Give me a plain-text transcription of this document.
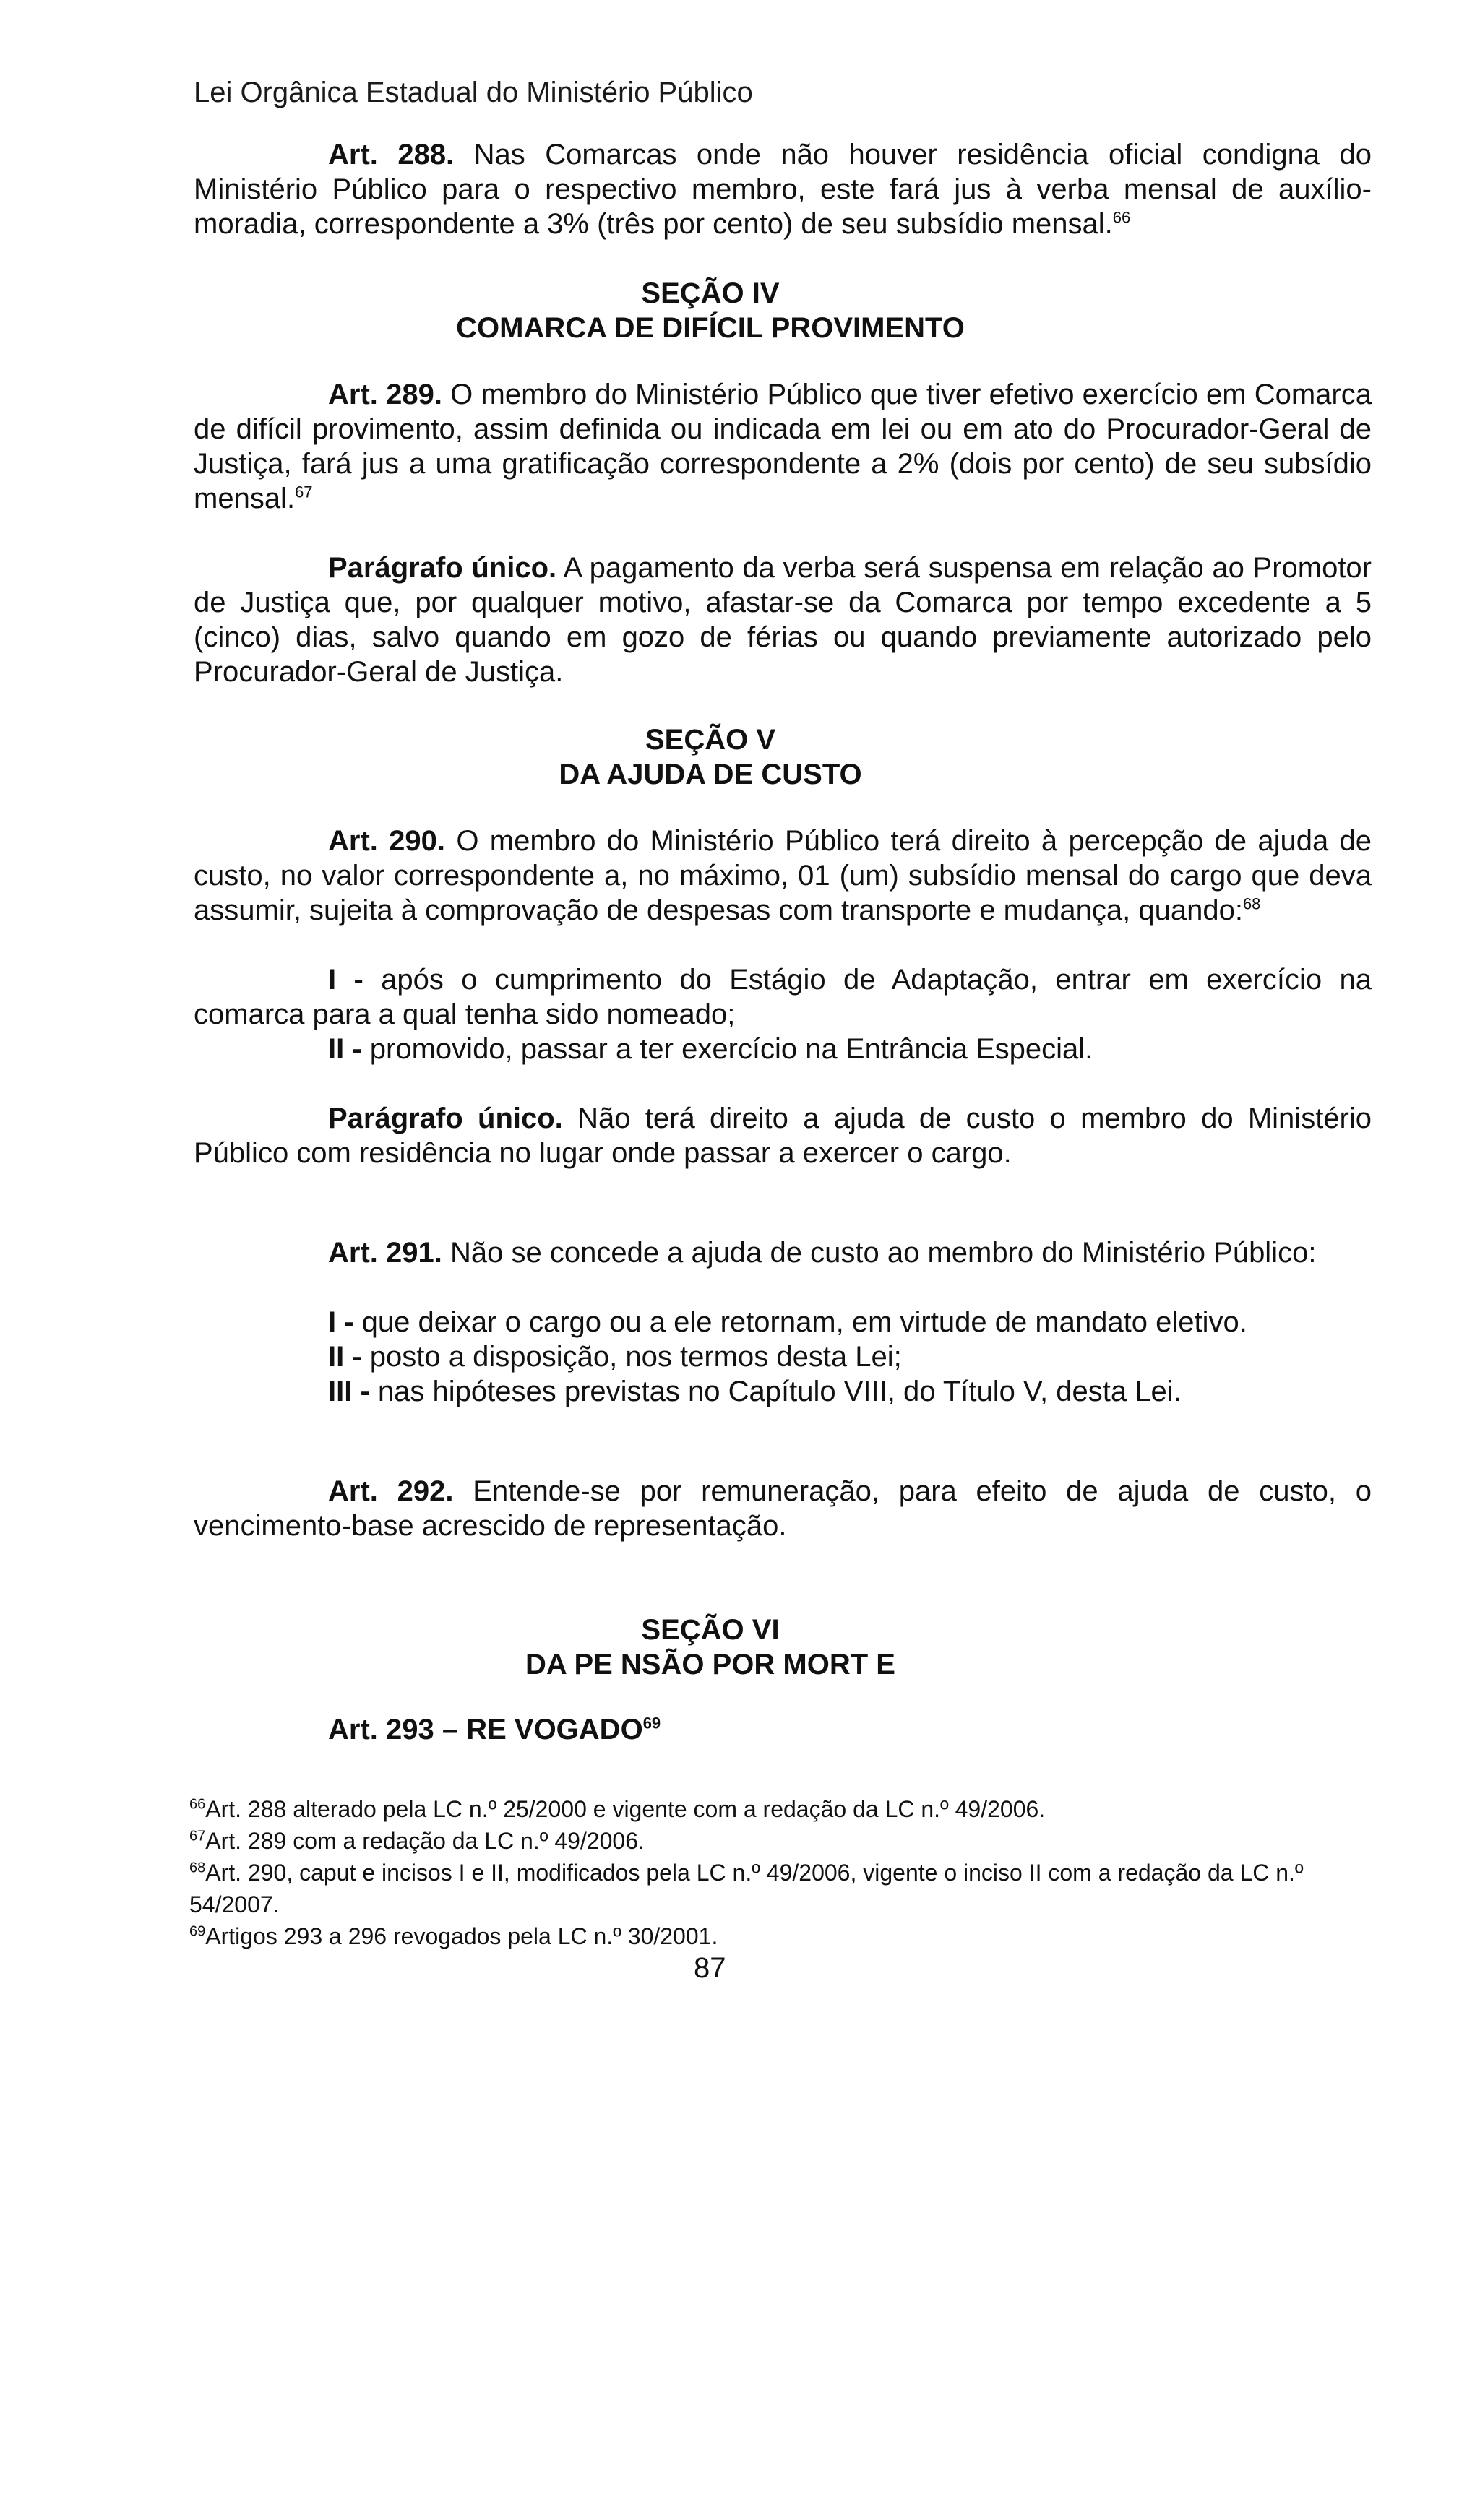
Lei Orgânica Estadual do Ministério Público

Art. 288. Nas Comarcas onde não houver residência oficial condigna do Ministério Público para o respectivo membro, este fará jus à verba mensal de auxílio-moradia, correspondente a 3% (três por cento) de seu subsídio mensal.$^{66}$

SEÇÃO IV

COMARCA DE DIFÍCIL PROVIMENTO

Art. 289. O membro do Ministério Público que tiver efetivo exercício em Comarca de difícil provimento, assim definida ou indicada em lei ou em ato do Procurador-Geral de Justiça, fará jus a uma gratificação correspondente a 2% (dois por cento) de seu subsídio mensal.$^{67}$

Parágrafo único. A pagamento da verba será suspensa em relação ao Promotor de Justiça que, por qualquer motivo, afastar-se da Comarca por tempo excedente a 5 (cinco) dias, salvo quando em gozo de férias ou quando previamente autorizado pelo Procurador-Geral de Justiça.

SEÇÃO V

DA AJUDA DE CUSTO

Art. 290. O membro do Ministério Público terá direito à percepção de ajuda de custo, no valor correspondente a, no máximo, 01 (um) subsídio mensal do cargo que deva assumir, sujeita à comprovação de despesas com transporte e mudança, quando:$^{68}$

I - após o cumprimento do Estágio de Adaptação, entrar em exercício na comarca para a qual tenha sido nomeado;

II - promovido, passar a ter exercício na Entrância Especial.

Parágrafo único. Não terá direito a ajuda de custo o membro do Ministério Público com residência no lugar onde passar a exercer o cargo.

Art. 291. Não se concede a ajuda de custo ao membro do Ministério Público:

I - que deixar o cargo ou a ele retornam, em virtude de mandato eletivo.

II - posto a disposição, nos termos desta Lei;

III - nas hipóteses previstas no Capítulo VIII, do Título V, desta Lei.

Art. 292. Entende-se por remuneração, para efeito de ajuda de custo, o vencimento-base acrescido de representação.

SEÇÃO VI

DA PE NSÃO POR MORT E

Art. 293 – RE VOGADO$^{69}$

$^{66}$Art. 288 alterado pela LC n.º 25/2000 e vigente com a redação da LC n.º 49/2006.

$^{67}$Art. 289 com a redação da LC n.º 49/2006.

$^{68}$Art. 290, caput e incisos I e II, modificados pela LC n.º 49/2006, vigente o inciso II com a redação da LC n.º 54/2007.

$^{69}$Artigos 293 a 296 revogados pela LC n.º 30/2001.

87
